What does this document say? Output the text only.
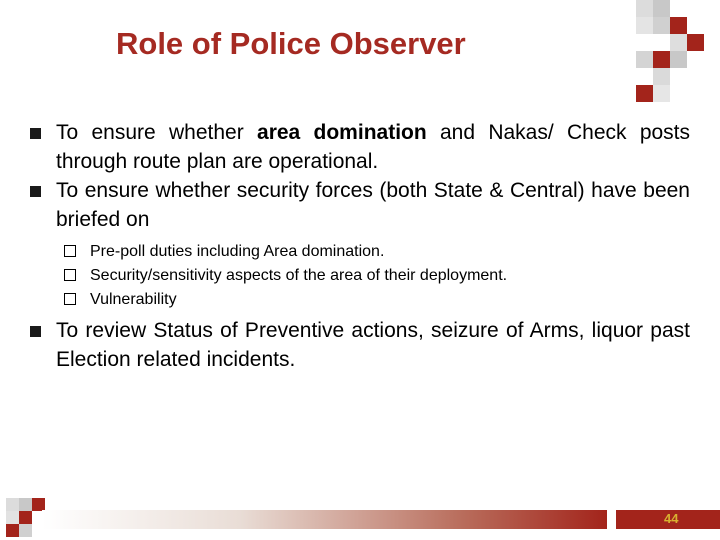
Role of Police Observer
To ensure whether area domination and Nakas/ Check posts through route plan are operational.
To ensure whether security forces (both State & Central) have been briefed on
Pre-poll duties including Area domination.
Security/sensitivity aspects of the area of their deployment.
Vulnerability
To review Status of Preventive actions, seizure of Arms, liquor past Election related incidents.
44
